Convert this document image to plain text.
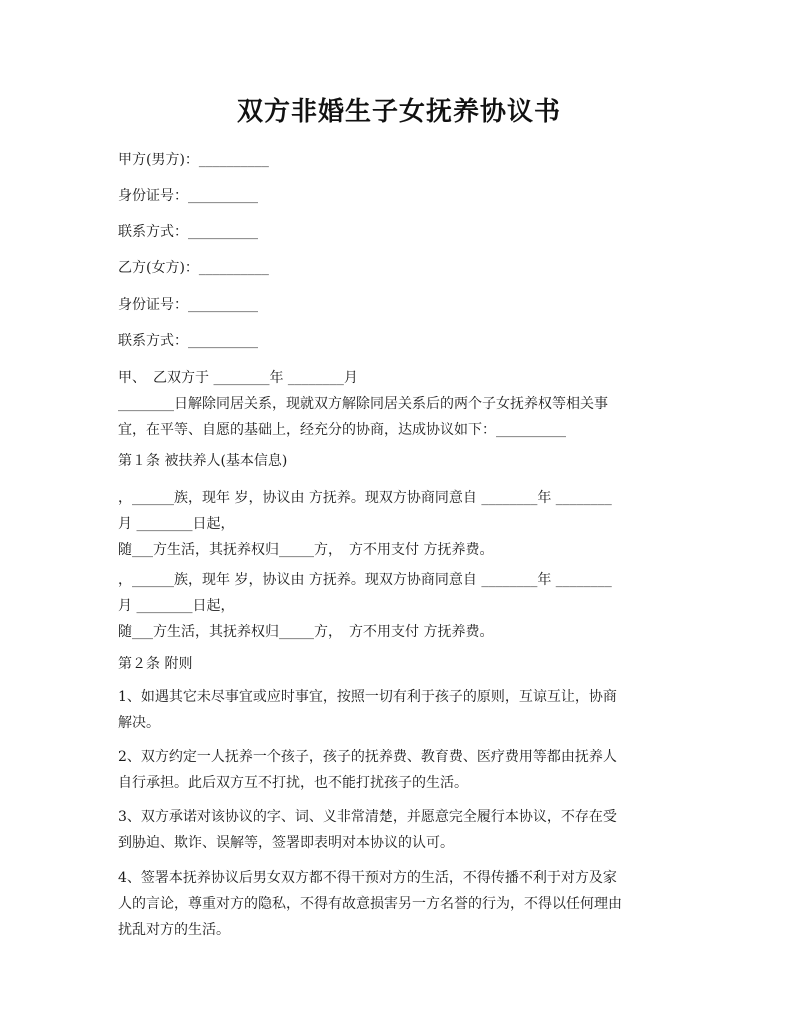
双方非婚生子女抚养协议书
甲方(男方)：__________
身份证号：__________
联系方式：__________
乙方(女方)：__________
身份证号：__________
联系方式：__________
甲、　乙双方于 ________年 ________月
________日解除同居关系，现就双方解除同居关系后的两个子女抚养权等相关事
宜，在平等、自愿的基础上，经充分的协商，达成协议如下：__________
第１条 被扶养人(基本信息)
，______族，现年 岁，协议由 方抚养。现双方协商同意自 ________年 ________
月 ________日起，
随___方生活，其抚养权归_____方，　方不用支付 方抚养费。
，______族，现年 岁，协议由 方抚养。现双方协商同意自 ________年 ________
月 ________日起，
随___方生活，其抚养权归_____方，　方不用支付 方抚养费。
第２条 附则
1、如遇其它未尽事宜或应时事宜，按照一切有利于孩子的原则，互谅互让，协商
解决。
2、双方约定一人抚养一个孩子，孩子的抚养费、教育费、医疗费用等都由抚养人
自行承担。此后双方互不打扰，也不能打扰孩子的生活。
3、双方承诺对该协议的字、词、义非常清楚，并愿意完全履行本协议，不存在受
到胁迫、欺诈、误解等，签署即表明对本协议的认可。
4、签署本抚养协议后男女双方都不得干预对方的生活，不得传播不利于对方及家
人的言论，尊重对方的隐私，不得有故意损害另一方名誉的行为，不得以任何理由
扰乱对方的生活。
